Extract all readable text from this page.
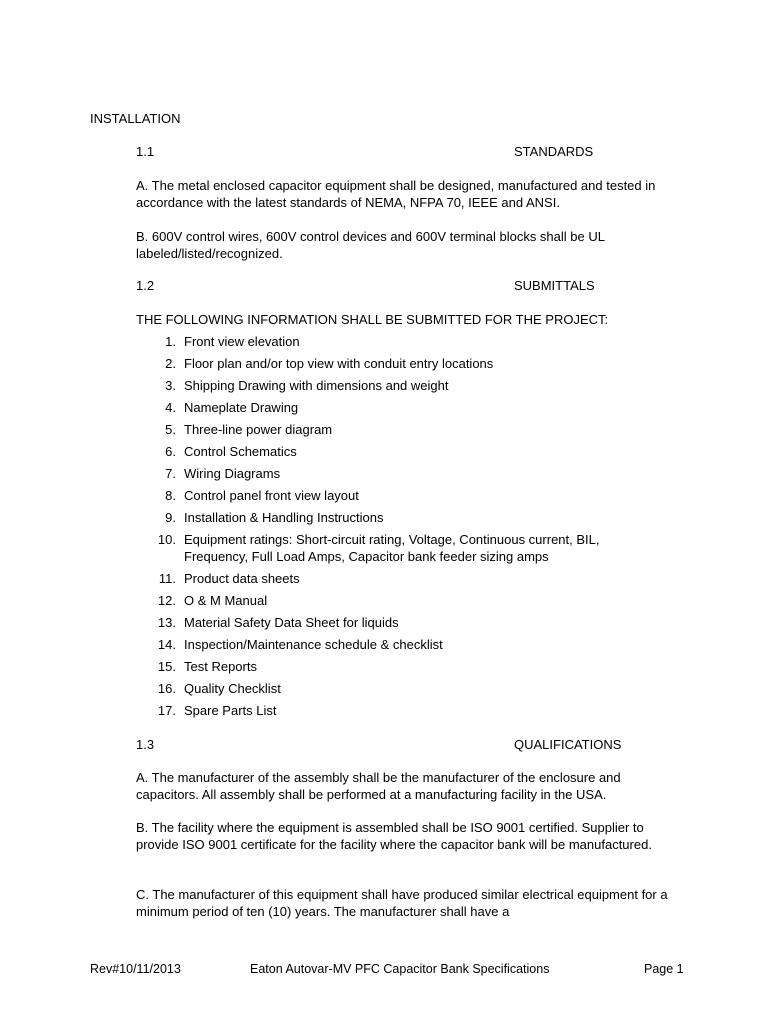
INSTALLATION
1.1	STANDARDS
A. The metal enclosed capacitor equipment shall be designed, manufactured and tested in accordance with the latest standards of NEMA, NFPA 70, IEEE and ANSI.
B. 600V control wires, 600V control devices and 600V terminal blocks shall be UL labeled/listed/recognized.
1.2	SUBMITTALS
THE FOLLOWING INFORMATION SHALL BE SUBMITTED FOR THE PROJECT:
1. Front view elevation
2. Floor plan and/or top view with conduit entry locations
3. Shipping Drawing with dimensions and weight
4. Nameplate Drawing
5. Three-line power diagram
6. Control Schematics
7. Wiring Diagrams
8. Control panel front view layout
9. Installation & Handling Instructions
10. Equipment ratings: Short-circuit rating, Voltage, Continuous current, BIL, Frequency, Full Load Amps, Capacitor bank feeder sizing amps
11. Product data sheets
12. O & M Manual
13. Material Safety Data Sheet for liquids
14. Inspection/Maintenance schedule & checklist
15. Test Reports
16. Quality Checklist
17. Spare Parts List
1.3	QUALIFICATIONS
A. The manufacturer of the assembly shall be the manufacturer of the enclosure and capacitors. All assembly shall be performed at a manufacturing facility in the USA.
B. The facility where the equipment is assembled shall be ISO 9001 certified. Supplier to provide ISO 9001 certificate for the facility where the capacitor bank will be manufactured.
C. The manufacturer of this equipment shall have produced similar electrical equipment for a minimum period of ten (10) years. The manufacturer shall have a
Rev#10/11/2013	Eaton Autovar-MV PFC Capacitor Bank Specifications	Page 1
